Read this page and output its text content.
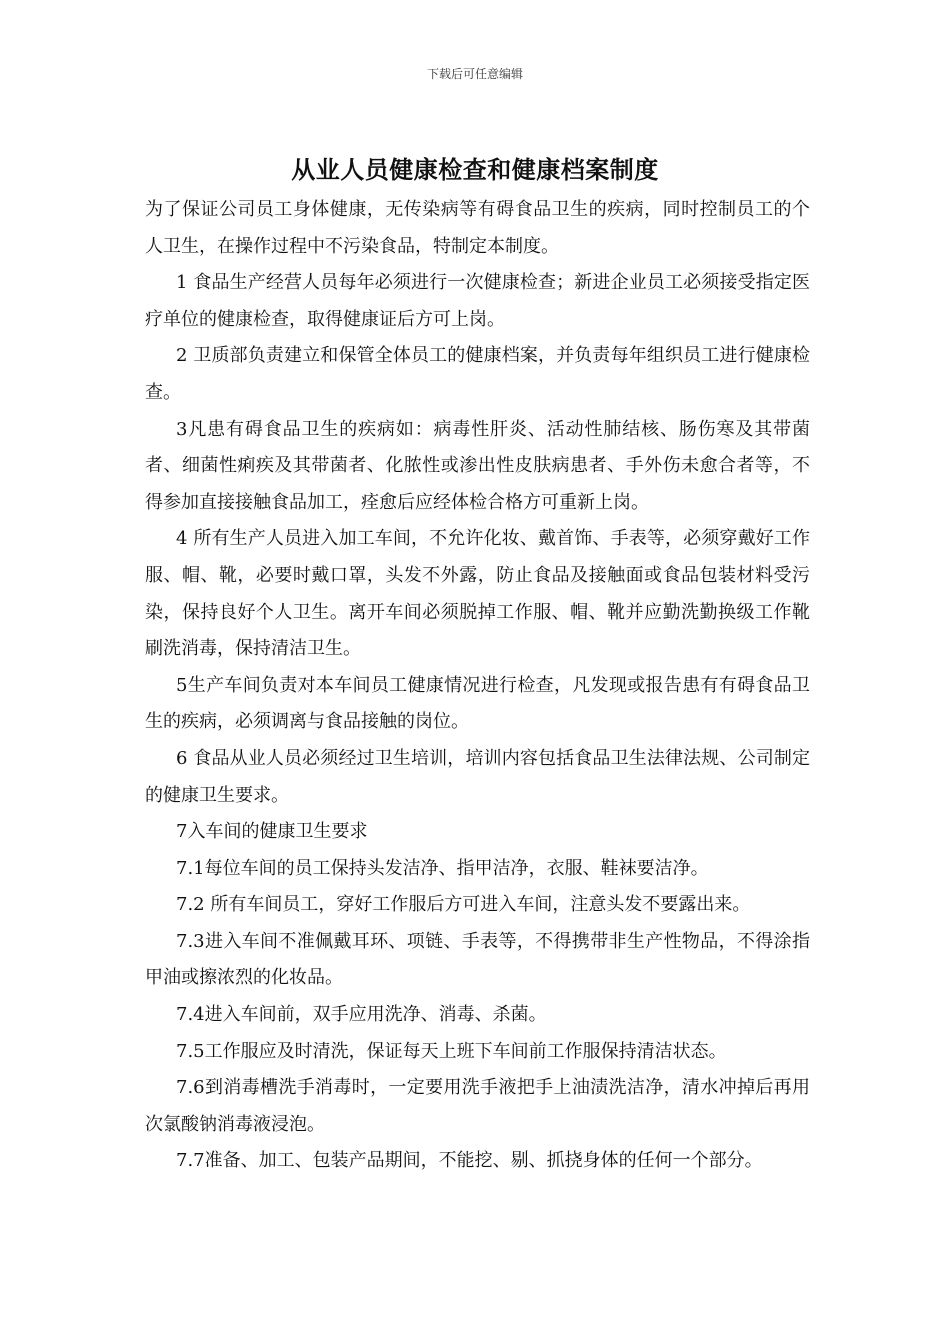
下载后可任意编辑
从业人员健康检查和健康档案制度

为了保证公司员工身体健康，无传染病等有碍食品卫生的疾病，同时控制员工的个人卫生，在操作过程中不污染食品，特制定本制度。

1 食品生产经营人员每年必须进行一次健康检查；新进企业员工必须接受指定医疗单位的健康检查，取得健康证后方可上岗。

2 卫质部负责建立和保管全体员工的健康档案，并负责每年组织员工进行健康检查。

3凡患有碍食品卫生的疾病如：病毒性肝炎、活动性肺结核、肠伤寒及其带菌者、细菌性痢疾及其带菌者、化脓性或渗出性皮肤病患者、手外伤未愈合者等，不得参加直接接触食品加工，痊愈后应经体检合格方可重新上岗。

4 所有生产人员进入加工车间，不允许化妆、戴首饰、手表等，必须穿戴好工作服、帽、靴，必要时戴口罩，头发不外露，防止食品及接触面或食品包装材料受污染，保持良好个人卫生。离开车间必须脱掉工作服、帽、靴并应勤洗勤换级工作靴刷洗消毒，保持清洁卫生。

5生产车间负责对本车间员工健康情况进行检查，凡发现或报告患有有碍食品卫生的疾病，必须调离与食品接触的岗位。

6 食品从业人员必须经过卫生培训，培训内容包括食品卫生法律法规、公司制定的健康卫生要求。

7入车间的健康卫生要求

7.1每位车间的员工保持头发洁净、指甲洁净，衣服、鞋袜要洁净。

7.2 所有车间员工，穿好工作服后方可进入车间，注意头发不要露出来。

7.3进入车间不准佩戴耳环、项链、手表等，不得携带非生产性物品，不得涂指甲油或擦浓烈的化妆品。

7.4进入车间前，双手应用洗净、消毒、杀菌。

7.5工作服应及时清洗，保证每天上班下车间前工作服保持清洁状态。

7.6到消毒槽洗手消毒时，一定要用洗手液把手上油渍洗洁净，清水冲掉后再用次氯酸钠消毒液浸泡。

7.7准备、加工、包装产品期间，不能挖、剔、抓挠身体的任何一个部分。
